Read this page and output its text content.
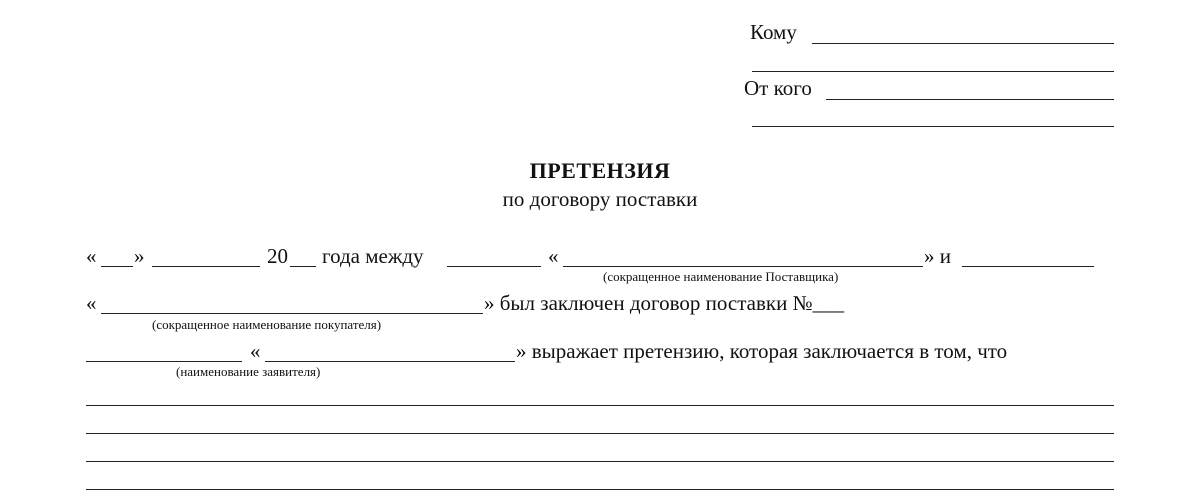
Кому
От кого
ПРЕТЕНЗИЯ
по договору поставки
« »	20 года между	«	» и
(сокращенное наименование Поставщика)
«	» был заключен договор поставки №___
(сокращенное наименование покупателя)
«	» выражает претензию, которая заключается в том, что
(наименование заявителя)
